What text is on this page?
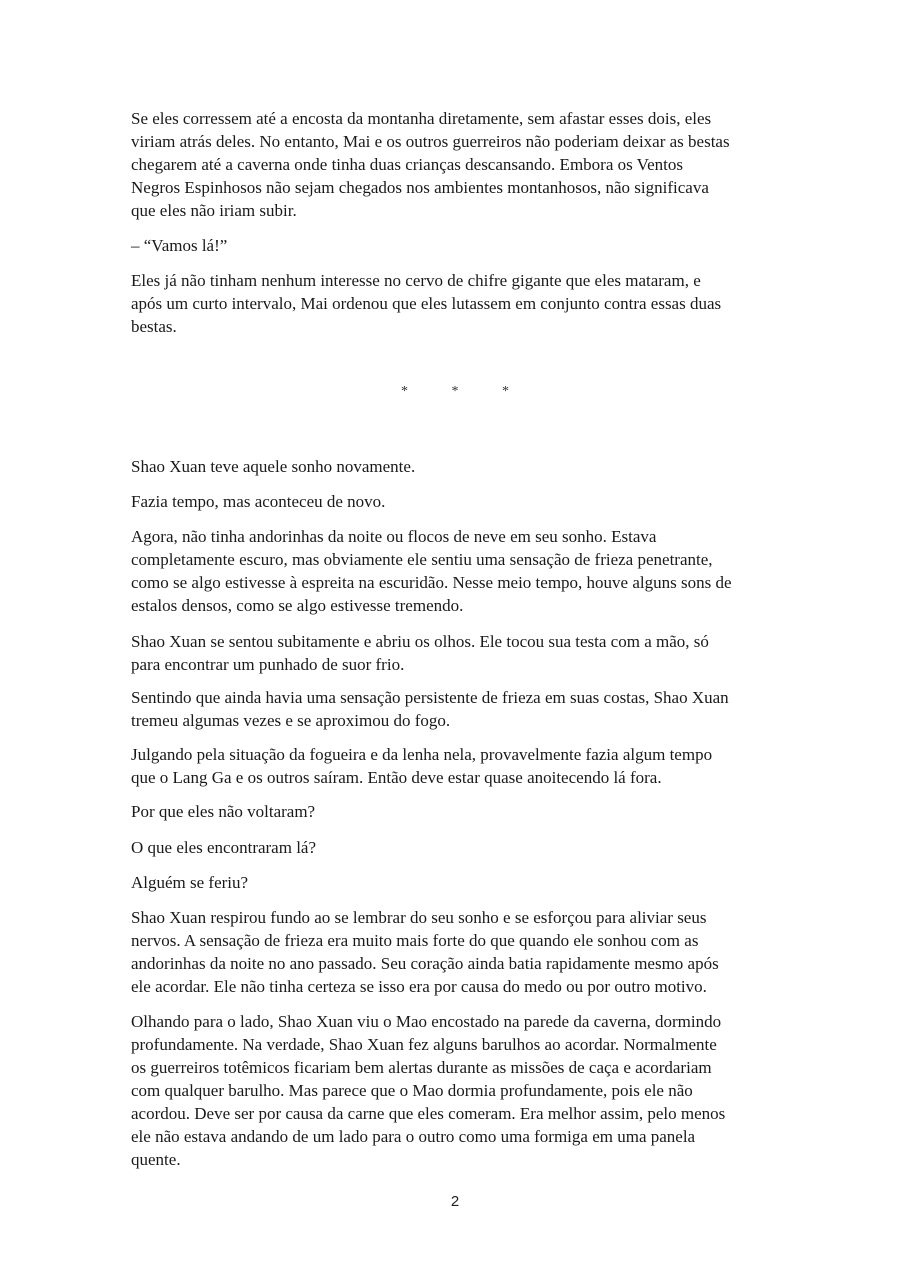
Se eles corressem até a encosta da montanha diretamente, sem afastar esses dois, eles
viriam atrás deles. No entanto, Mai e os outros guerreiros não poderiam deixar as bestas
chegarem até a caverna onde tinha duas crianças descansando. Embora os Ventos
Negros Espinhosos não sejam chegados nos ambientes montanhosos, não significava
que eles não iriam subir.

– “Vamos lá!”

Eles já não tinham nenhum interesse no cervo de chifre gigante que eles mataram, e
após um curto intervalo, Mai ordenou que eles lutassem em conjunto contra essas duas
bestas.

* * *

Shao Xuan teve aquele sonho novamente.

Fazia tempo, mas aconteceu de novo.

Agora, não tinha andorinhas da noite ou flocos de neve em seu sonho. Estava
completamente escuro, mas obviamente ele sentiu uma sensação de frieza penetrante,
como se algo estivesse à espreita na escuridão. Nesse meio tempo, houve alguns sons de
estalos densos, como se algo estivesse tremendo.

Shao Xuan se sentou subitamente e abriu os olhos. Ele tocou sua testa com a mão, só
para encontrar um punhado de suor frio.

Sentindo que ainda havia uma sensação persistente de frieza em suas costas, Shao Xuan
tremeu algumas vezes e se aproximou do fogo.

Julgando pela situação da fogueira e da lenha nela, provavelmente fazia algum tempo
que o Lang Ga e os outros saíram. Então deve estar quase anoitecendo lá fora.

Por que eles não voltaram?

O que eles encontraram lá?

Alguém se feriu?

Shao Xuan respirou fundo ao se lembrar do seu sonho e se esforçou para aliviar seus
nervos. A sensação de frieza era muito mais forte do que quando ele sonhou com as
andorinhas da noite no ano passado. Seu coração ainda batia rapidamente mesmo após
ele acordar. Ele não tinha certeza se isso era por causa do medo ou por outro motivo.

Olhando para o lado, Shao Xuan viu o Mao encostado na parede da caverna, dormindo
profundamente. Na verdade, Shao Xuan fez alguns barulhos ao acordar. Normalmente
os guerreiros totêmicos ficariam bem alertas durante as missões de caça e acordariam
com qualquer barulho. Mas parece que o Mao dormia profundamente, pois ele não
acordou. Deve ser por causa da carne que eles comeram. Era melhor assim, pelo menos
ele não estava andando de um lado para o outro como uma formiga em uma panela
quente.

2
